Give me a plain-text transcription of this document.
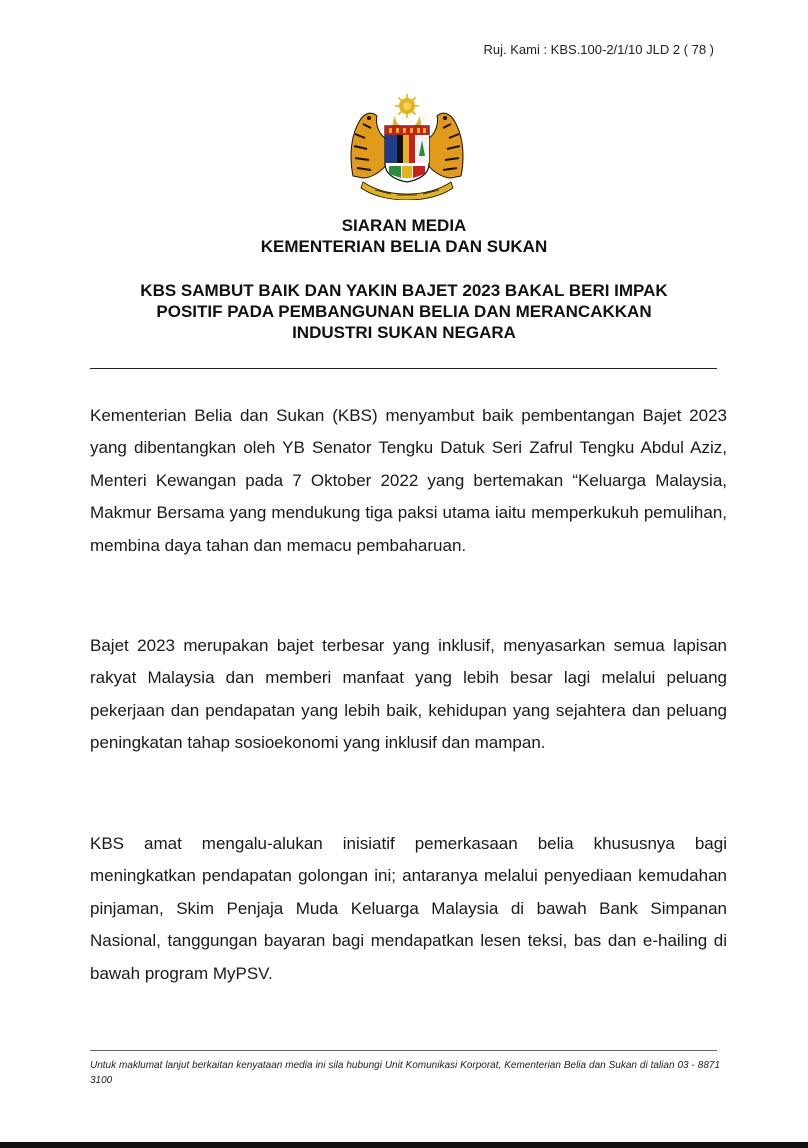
Ruj. Kami : KBS.100-2/1/10 JLD 2 ( 78 )
SIARAN MEDIA
KEMENTERIAN BELIA DAN SUKAN
KBS SAMBUT BAIK DAN YAKIN BAJET 2023 BAKAL BERI IMPAK
POSITIF PADA PEMBANGUNAN BELIA DAN MERANCAKKAN
INDUSTRI SUKAN NEGARA

Kementerian Belia dan Sukan (KBS) menyambut baik pembentangan Bajet 2023 yang dibentangkan oleh YB Senator Tengku Datuk Seri Zafrul Tengku Abdul Aziz, Menteri Kewangan pada 7 Oktober 2022 yang bertemakan “Keluarga Malaysia, Makmur Bersama yang mendukung tiga paksi utama iaitu memperkukuh pemulihan, membina daya tahan dan memacu pembaharuan.

Bajet 2023 merupakan bajet terbesar yang inklusif, menyasarkan semua lapisan rakyat Malaysia dan memberi manfaat yang lebih besar lagi melalui peluang pekerjaan dan pendapatan yang lebih baik, kehidupan yang sejahtera dan peluang peningkatan tahap sosioekonomi yang inklusif dan mampan.

KBS amat mengalu-alukan inisiatif pemerkasaan belia khususnya bagi meningkatkan pendapatan golongan ini; antaranya melalui penyediaan kemudahan pinjaman, Skim Penjaja Muda Keluarga Malaysia di bawah Bank Simpanan Nasional, tanggungan bayaran bagi mendapatkan lesen teksi, bas dan e-hailing di bawah program MyPSV.

Untuk maklumat lanjut berkaitan kenyataan media ini sila hubungi Unit Komunikasi Korporat, Kementerian Belia dan Sukan di talian 03 - 8871 3100
